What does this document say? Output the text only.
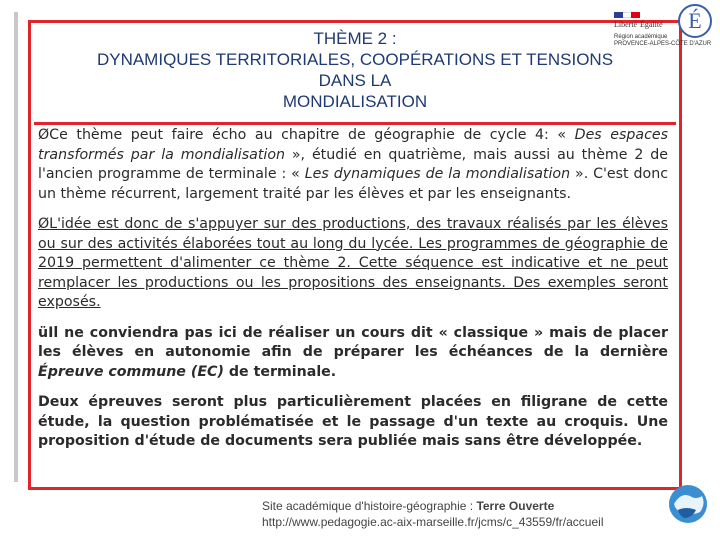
THÈME 2 :
DYNAMIQUES TERRITORIALES, COOPÉRATIONS ET TENSIONS
DANS LA
MONDIALISATION
Liberté Égalité
Région académique
PROVENCE-ALPES-CÔTE D'AZUR
É

ØCe thème peut faire écho au chapitre de géographie de cycle 4: « Des espaces transformés par la mondialisation », étudié en quatrième, mais aussi au thème 2 de l'ancien programme de terminale : « Les dynamiques de la mondialisation ». C'est donc un thème récurrent, largement traité par les élèves et par les enseignants.

ØL'idée est donc de s'appuyer sur des productions, des travaux réalisés par les élèves ou sur des activités élaborées tout au long du lycée. Les programmes de géographie de 2019 permettent d'alimenter ce thème 2. Cette séquence est indicative et ne peut remplacer les productions ou les propositions des enseignants. Des exemples seront exposés.

üIl ne conviendra pas ici de réaliser un cours dit « classique » mais de placer les élèves en autonomie afin de préparer les échéances de la dernière Épreuve commune (EC) de terminale.

Deux épreuves seront plus particulièrement placées en filigrane de cette étude, la question problématisée et le passage d'un texte au croquis. Une proposition d'étude de documents sera publiée mais sans être développée.

Site académique d'histoire-géographie : Terre Ouverte
http://www.pedagogie.ac-aix-marseille.fr/jcms/c_43559/fr/accueil
